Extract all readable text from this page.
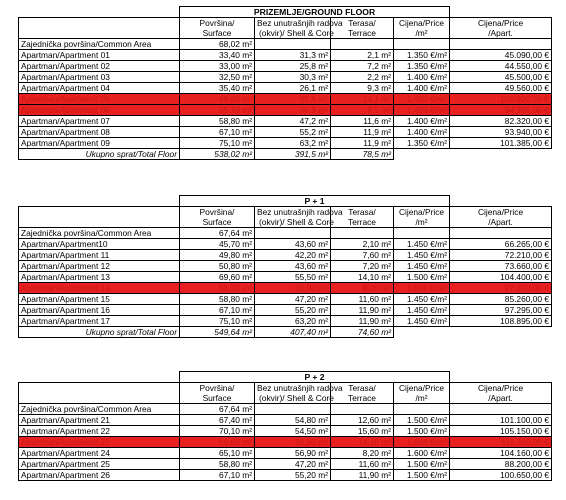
	PRIZEMLJE/GROUND FLOOR				
	Površina/	Bez unutrašnjih radova	Terasa/	Cijena/Price	Cijena/Price
	Surface	(okvir)/ Shell & Core	Terrace	/m²	/Apart.
Zajednička površina/Common Area	68,02 m²				
Apartman/Apartment 01	33,40 m²	31,3 m²	2,1 m²	1.350 €/m²	45.090,00 €
Apartman/Apartment 02	33,00 m²	25,8 m²	7,2 m²	1.350 €/m²	44.550,00 €
Apartman/Apartment 03	32,50 m²	30,3 m²	2,2 m²	1.400 €/m²	45.500,00 €
Apartman/Apartment 04	35,40 m²	26,1 m²	9,3 m²	1.400 €/m²	49.560,00 €
Apartman/Apartment 05	69,60 m²	55,5 m²	14,1 m²	1.450 €/m²	100.920,00 €
Apartman/Apartment 06	65,10 m²	56,9 m²	8,2 m²	1.450 €/m²	94.395,00 €
Apartman/Apartment 07	58,80 m²	47,2 m²	11,6 m²	1.400 €/m²	82.320,00 €
Apartman/Apartment 08	67,10 m²	55,2 m²	11,9 m²	1.400 €/m²	93.940,00 €
Apartman/Apartment 09	75,10 m²	63,2 m²	11,9 m²	1.350 €/m²	101.385,00 €
Ukupno sprat/Total Floor	538,02 m²	391,5 m²	78,5 m²		
	P + 1				
	Površina/	Bez unutrašnjih radova	Terasa/	Cijena/Price	Cijena/Price
	Surface	(okvir)/ Shell & Core	Terrace	/m²	/Apart.
Zajednička površina/Common Area	67,64 m²				
Apartman/Apartment10	45,70 m²	43,60 m²	2,10 m²	1.450 €/m²	66.265,00 €
Apartman/Apartment 11	49,80 m²	42,20 m²	7,60 m²	1.450 €/m²	72.210,00 €
Apartman/Apartment 12	50,80 m²	43,60 m²	7,20 m²	1.450 €/m²	73.660,00 €
Apartman/Apartment 13	69,60 m²	55,50 m²	14,10 m²	1.500 €/m²	104.400,00 €
Apartman/Apartment 14	65,10 m²	56,90 m²	8,20 m²	1.500 €/m²	97.650,00 €
Apartman/Apartment 15	58,80 m²	47,20 m²	11,60 m²	1.450 €/m²	85.260,00 €
Apartman/Apartment 16	67,10 m²	55,20 m²	11,90 m²	1.450 €/m²	97.295,00 €
Apartman/Apartment 17	75,10 m²	63,20 m²	11,90 m²	1.450 €/m²	108.895,00 €
Ukupno sprat/Total Floor	549,64 m²	407,40 m²	74,60 m²		
	P + 2				
	Površina/	Bez unutrašnjih radova	Terasa/	Cijena/Price	Cijena/Price
	Surface	(okvir)/ Shell & Core	Terrace	/m²	/Apart.
Zajednička površina/Common Area	67,64 m²				
Apartman/Apartment 21	67,40 m²	54,80 m²	12,60 m²	1.500 €/m²	101.100,00 €
Apartman/Apartment 22	70,10 m²	54,50 m²	15,60 m²	1.500 €/m²	105.150,00 €
Apartman/Apartment 23	69,60 m²	55,50 m²	14,10 m²	1.600 €/m²	111.360,00 €
Apartman/Apartment 24	65,10 m²	56,90 m²	8,20 m²	1.600 €/m²	104.160,00 €
Apartman/Apartment 25	58,80 m²	47,20 m²	11,60 m²	1.500 €/m²	88.200,00 €
Apartman/Apartment 26	67,10 m²	55,20 m²	11,90 m²	1.500 €/m²	100.650,00 €
